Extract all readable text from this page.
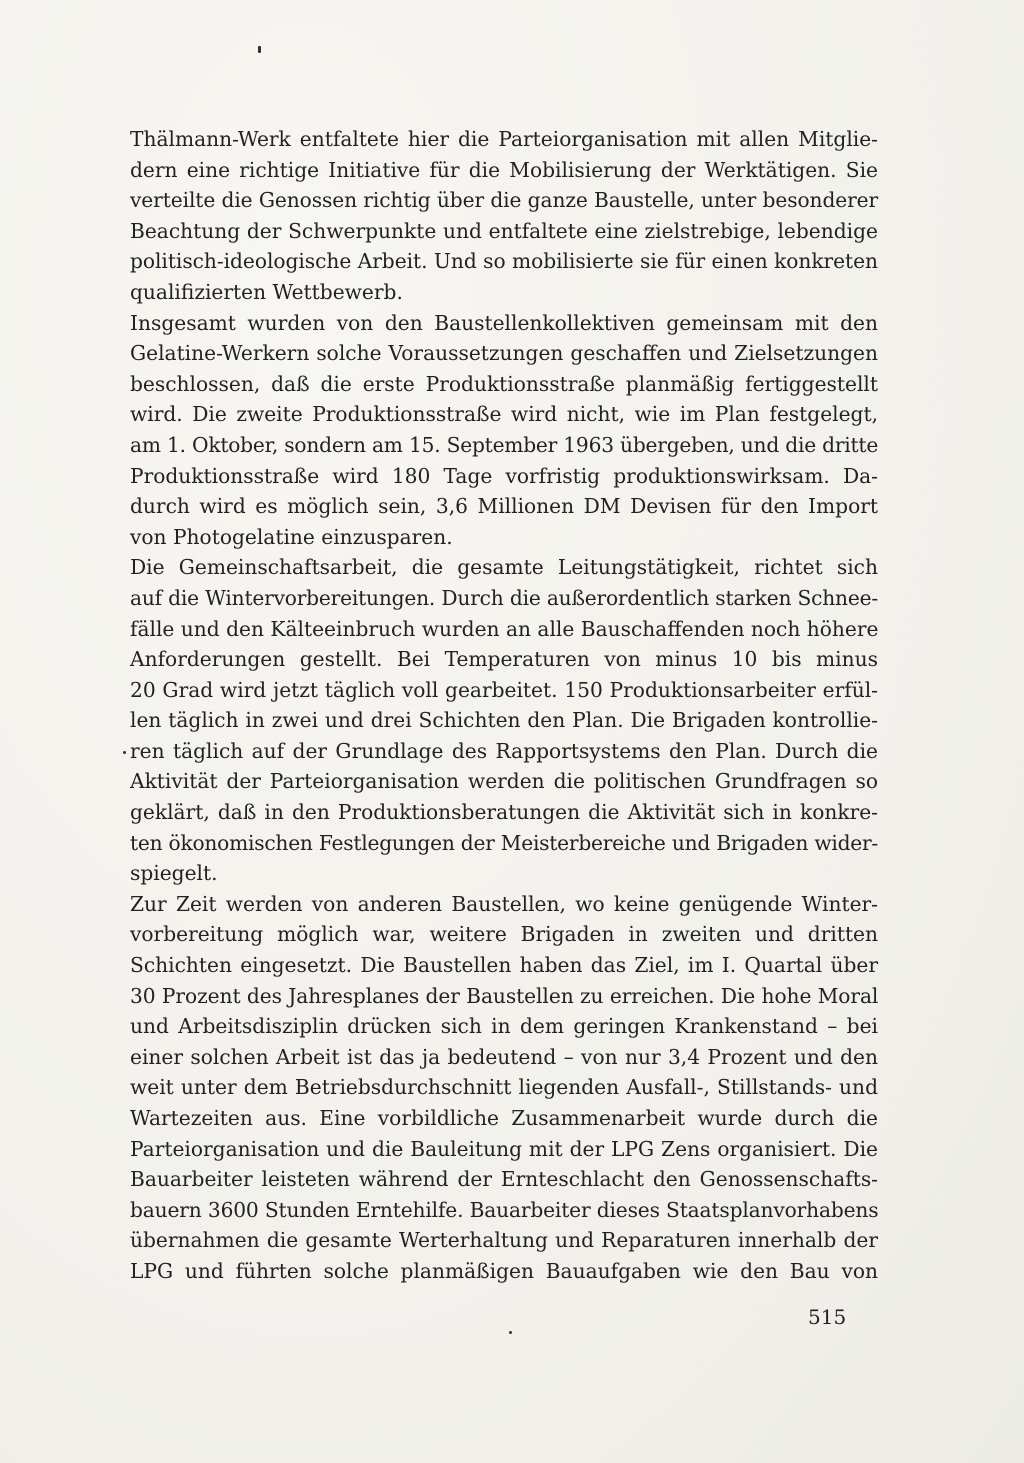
Thälmann-Werk entfaltete hier die Parteiorganisation mit allen Mitglie-
dern eine richtige Initiative für die Mobilisierung der Werktätigen. Sie
verteilte die Genossen richtig über die ganze Baustelle, unter besonderer
Beachtung der Schwerpunkte und entfaltete eine zielstrebige, lebendige
politisch-ideologische Arbeit. Und so mobilisierte sie für einen konkreten
qualifizierten Wettbewerb.
Insgesamt wurden von den Baustellenkollektiven gemeinsam mit den
Gelatine-Werkern solche Voraussetzungen geschaffen und Zielsetzungen
beschlossen, daß die erste Produktionsstraße planmäßig fertiggestellt
wird. Die zweite Produktionsstraße wird nicht, wie im Plan festgelegt,
am 1. Oktober, sondern am 15. September 1963 übergeben, und die dritte
Produktionsstraße wird 180 Tage vorfristig produktionswirksam. Da-
durch wird es möglich sein, 3,6 Millionen DM Devisen für den Import
von Photogelatine einzusparen.
Die Gemeinschaftsarbeit, die gesamte Leitungstätigkeit, richtet sich
auf die Wintervorbereitungen. Durch die außerordentlich starken Schnee-
fälle und den Kälteeinbruch wurden an alle Bauschaffenden noch höhere
Anforderungen gestellt. Bei Temperaturen von minus 10 bis minus
20 Grad wird jetzt täglich voll gearbeitet. 150 Produktionsarbeiter erfül-
len täglich in zwei und drei Schichten den Plan. Die Brigaden kontrollie-
ren täglich auf der Grundlage des Rapportsystems den Plan. Durch die
Aktivität der Parteiorganisation werden die politischen Grundfragen so
geklärt, daß in den Produktionsberatungen die Aktivität sich in konkre-
ten ökonomischen Festlegungen der Meisterbereiche und Brigaden wider-
spiegelt.
Zur Zeit werden von anderen Baustellen, wo keine genügende Winter-
vorbereitung möglich war, weitere Brigaden in zweiten und dritten
Schichten eingesetzt. Die Baustellen haben das Ziel, im I. Quartal über
30 Prozent des Jahresplanes der Baustellen zu erreichen. Die hohe Moral
und Arbeitsdisziplin drücken sich in dem geringen Krankenstand – bei
einer solchen Arbeit ist das ja bedeutend – von nur 3,4 Prozent und den
weit unter dem Betriebsdurchschnitt liegenden Ausfall-, Stillstands- und
Wartezeiten aus. Eine vorbildliche Zusammenarbeit wurde durch die
Parteiorganisation und die Bauleitung mit der LPG Zens organisiert. Die
Bauarbeiter leisteten während der Ernteschlacht den Genossenschafts-
bauern 3600 Stunden Erntehilfe. Bauarbeiter dieses Staatsplanvorhabens
übernahmen die gesamte Werterhaltung und Reparaturen innerhalb der
LPG und führten solche planmäßigen Bauaufgaben wie den Bau von
515
